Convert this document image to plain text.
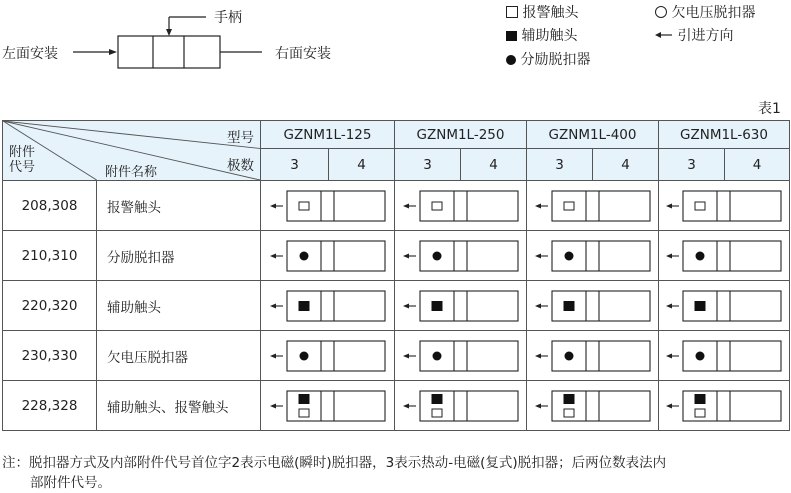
手柄
左面安装	右面安装
报警触头	欠电压脱扣器
辅助触头	引进方向
分励脱扣器
表1
型号
极数
附件
代号 附件名称		GZNM1L-125		GZNM1L-250		GZNM1L-400		GZNM1L-630	
		3	4	3	4	3	4	3	4
208,308	报警触头	

210,310	分励脱扣器	

220,320	辅助触头	

230,330	欠电压脱扣器	

228,328	辅助触头、报警触头	

注：脱扣器方式及内部附件代号首位字2表示电磁(瞬时)脱扣器，3表示热动-电磁(复式)脱扣器；后两位数表法内
部附件代号。
